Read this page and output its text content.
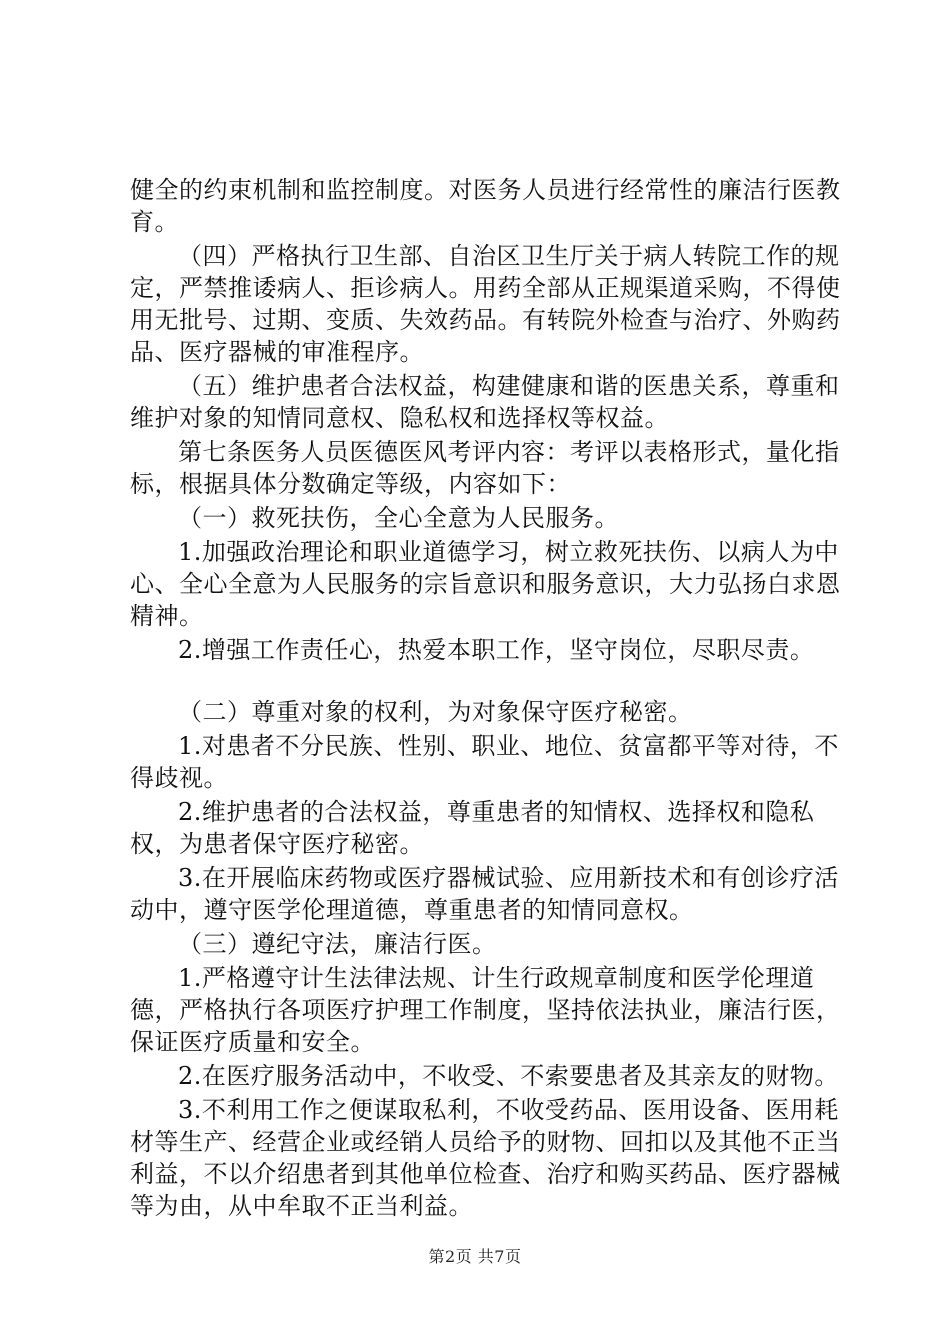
健全的约束机制和监控制度。对医务人员进行经常性的廉洁行医教育。

（四）严格执行卫生部、自治区卫生厅关于病人转院工作的规定，严禁推诿病人、拒诊病人。用药全部从正规渠道采购，不得使用无批号、过期、变质、失效药品。有转院外检查与治疗、外购药品、医疗器械的审准程序。

（五）维护患者合法权益，构建健康和谐的医患关系，尊重和维护对象的知情同意权、隐私权和选择权等权益。

第七条医务人员医德医风考评内容：考评以表格形式，量化指标，根据具体分数确定等级，内容如下：

（一）救死扶伤，全心全意为人民服务。

1.加强政治理论和职业道德学习，树立救死扶伤、以病人为中心、全心全意为人民服务的宗旨意识和服务意识，大力弘扬白求恩精神。

2.增强工作责任心，热爱本职工作，坚守岗位，尽职尽责。

（二）尊重对象的权利，为对象保守医疗秘密。

1.对患者不分民族、性别、职业、地位、贫富都平等对待，不得歧视。

2.维护患者的合法权益，尊重患者的知情权、选择权和隐私权，为患者保守医疗秘密。

3.在开展临床药物或医疗器械试验、应用新技术和有创诊疗活动中，遵守医学伦理道德，尊重患者的知情同意权。

（三）遵纪守法，廉洁行医。

1.严格遵守计生法律法规、计生行政规章制度和医学伦理道德，严格执行各项医疗护理工作制度，坚持依法执业，廉洁行医，保证医疗质量和安全。

2.在医疗服务活动中，不收受、不索要患者及其亲友的财物。

3.不利用工作之便谋取私利，不收受药品、医用设备、医用耗材等生产、经营企业或经销人员给予的财物、回扣以及其他不正当利益，不以介绍患者到其他单位检查、治疗和购买药品、医疗器械等为由，从中牟取不正当利益。

第2页 共7页
